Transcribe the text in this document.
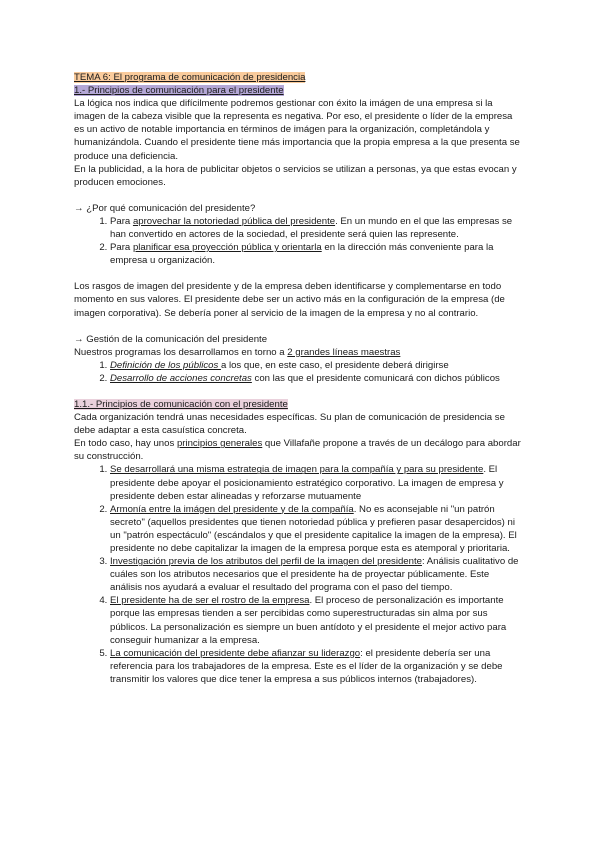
TEMA 6: El programa de comunicación de presidencia

1.- Principios de comunicación para el presidente

La lógica nos indica que difícilmente podremos gestionar con éxito la imágen de una empresa si la imagen de la cabeza visible que la representa es negativa. Por eso, el presidente o líder de la empresa es un activo de notable importancia en términos de imágen para la organización, completándola y humanizándola. Cuando el presidente tiene más importancia que la propia empresa a la que presenta se produce una deficiencia.

En la publicidad, a la hora de publicitar objetos o servicios se utilizan a personas, ya que estas evocan y producen emociones.

→ ¿Por qué comunicación del presidente?

1. Para aprovechar la notoriedad pública del presidente. En un mundo en el que las empresas se han convertido en actores de la sociedad, el presidente será quien las represente.
2. Para planificar esa proyección pública y orientarla en la dirección más conveniente para la empresa u organización.

Los rasgos de imagen del presidente y de la empresa deben identificarse y complementarse en todo momento en sus valores. El presidente debe ser un activo más en la configuración de la empresa (de imagen corporativa). Se debería poner al servicio de la imagen de la empresa y no al contrario.

→ Gestión de la comunicación del presidente

Nuestros programas los desarrollamos en torno a 2 grandes líneas maestras

1. Definición de los públicos a los que, en este caso, el presidente deberá dirigirse
2. Desarrollo de acciones concretas con las que el presidente comunicará con dichos públicos

1.1.- Principios de comunicación con el presidente

Cada organización tendrá unas necesidades específicas. Su plan de comunicación de presidencia se debe adaptar a esta casuística concreta.

En todo caso, hay unos principios generales que Villafañe propone a través de un decálogo para abordar su construcción.

1. Se desarrollará una misma estrategia de imagen para la compañía y para su presidente. El presidente debe apoyar el posicionamiento estratégico corporativo. La imagen de empresa y presidente deben estar alineadas y reforzarse mutuamente
2. Armonía entre la imágen del presidente y de la compañía. No es aconsejable ni "un patrón secreto" (aquellos presidentes que tienen notoriedad pública y prefieren pasar desapercidos) ni un "patrón espectáculo" (escándalos y que el presidente capitalice la imagen de la empresa). El presidente no debe capitalizar la imagen de la empresa porque esta es atemporal y prioritaria.
3. Investigación previa de los atributos del perfil de la imagen del presidente: Análisis cualitativo de cuáles son los atributos necesarios que el presidente ha de proyectar públicamente. Este análisis nos ayudará a evaluar el resultado del programa con el paso del tiempo.
4. El presidente ha de ser el rostro de la empresa. El proceso de personalización es importante porque las empresas tienden a ser percibidas como superestructuradas sin alma por sus públicos. La personalización es siempre un buen antídoto y el presidente el mejor activo para conseguir humanizar a la empresa.
5. La comunicación del presidente debe afianzar su liderazgo: el presidente debería ser una referencia para los trabajadores de la empresa. Este es el líder de la organización y se debe transmitir los valores que dice tener la empresa a sus públicos internos (trabajadores).
